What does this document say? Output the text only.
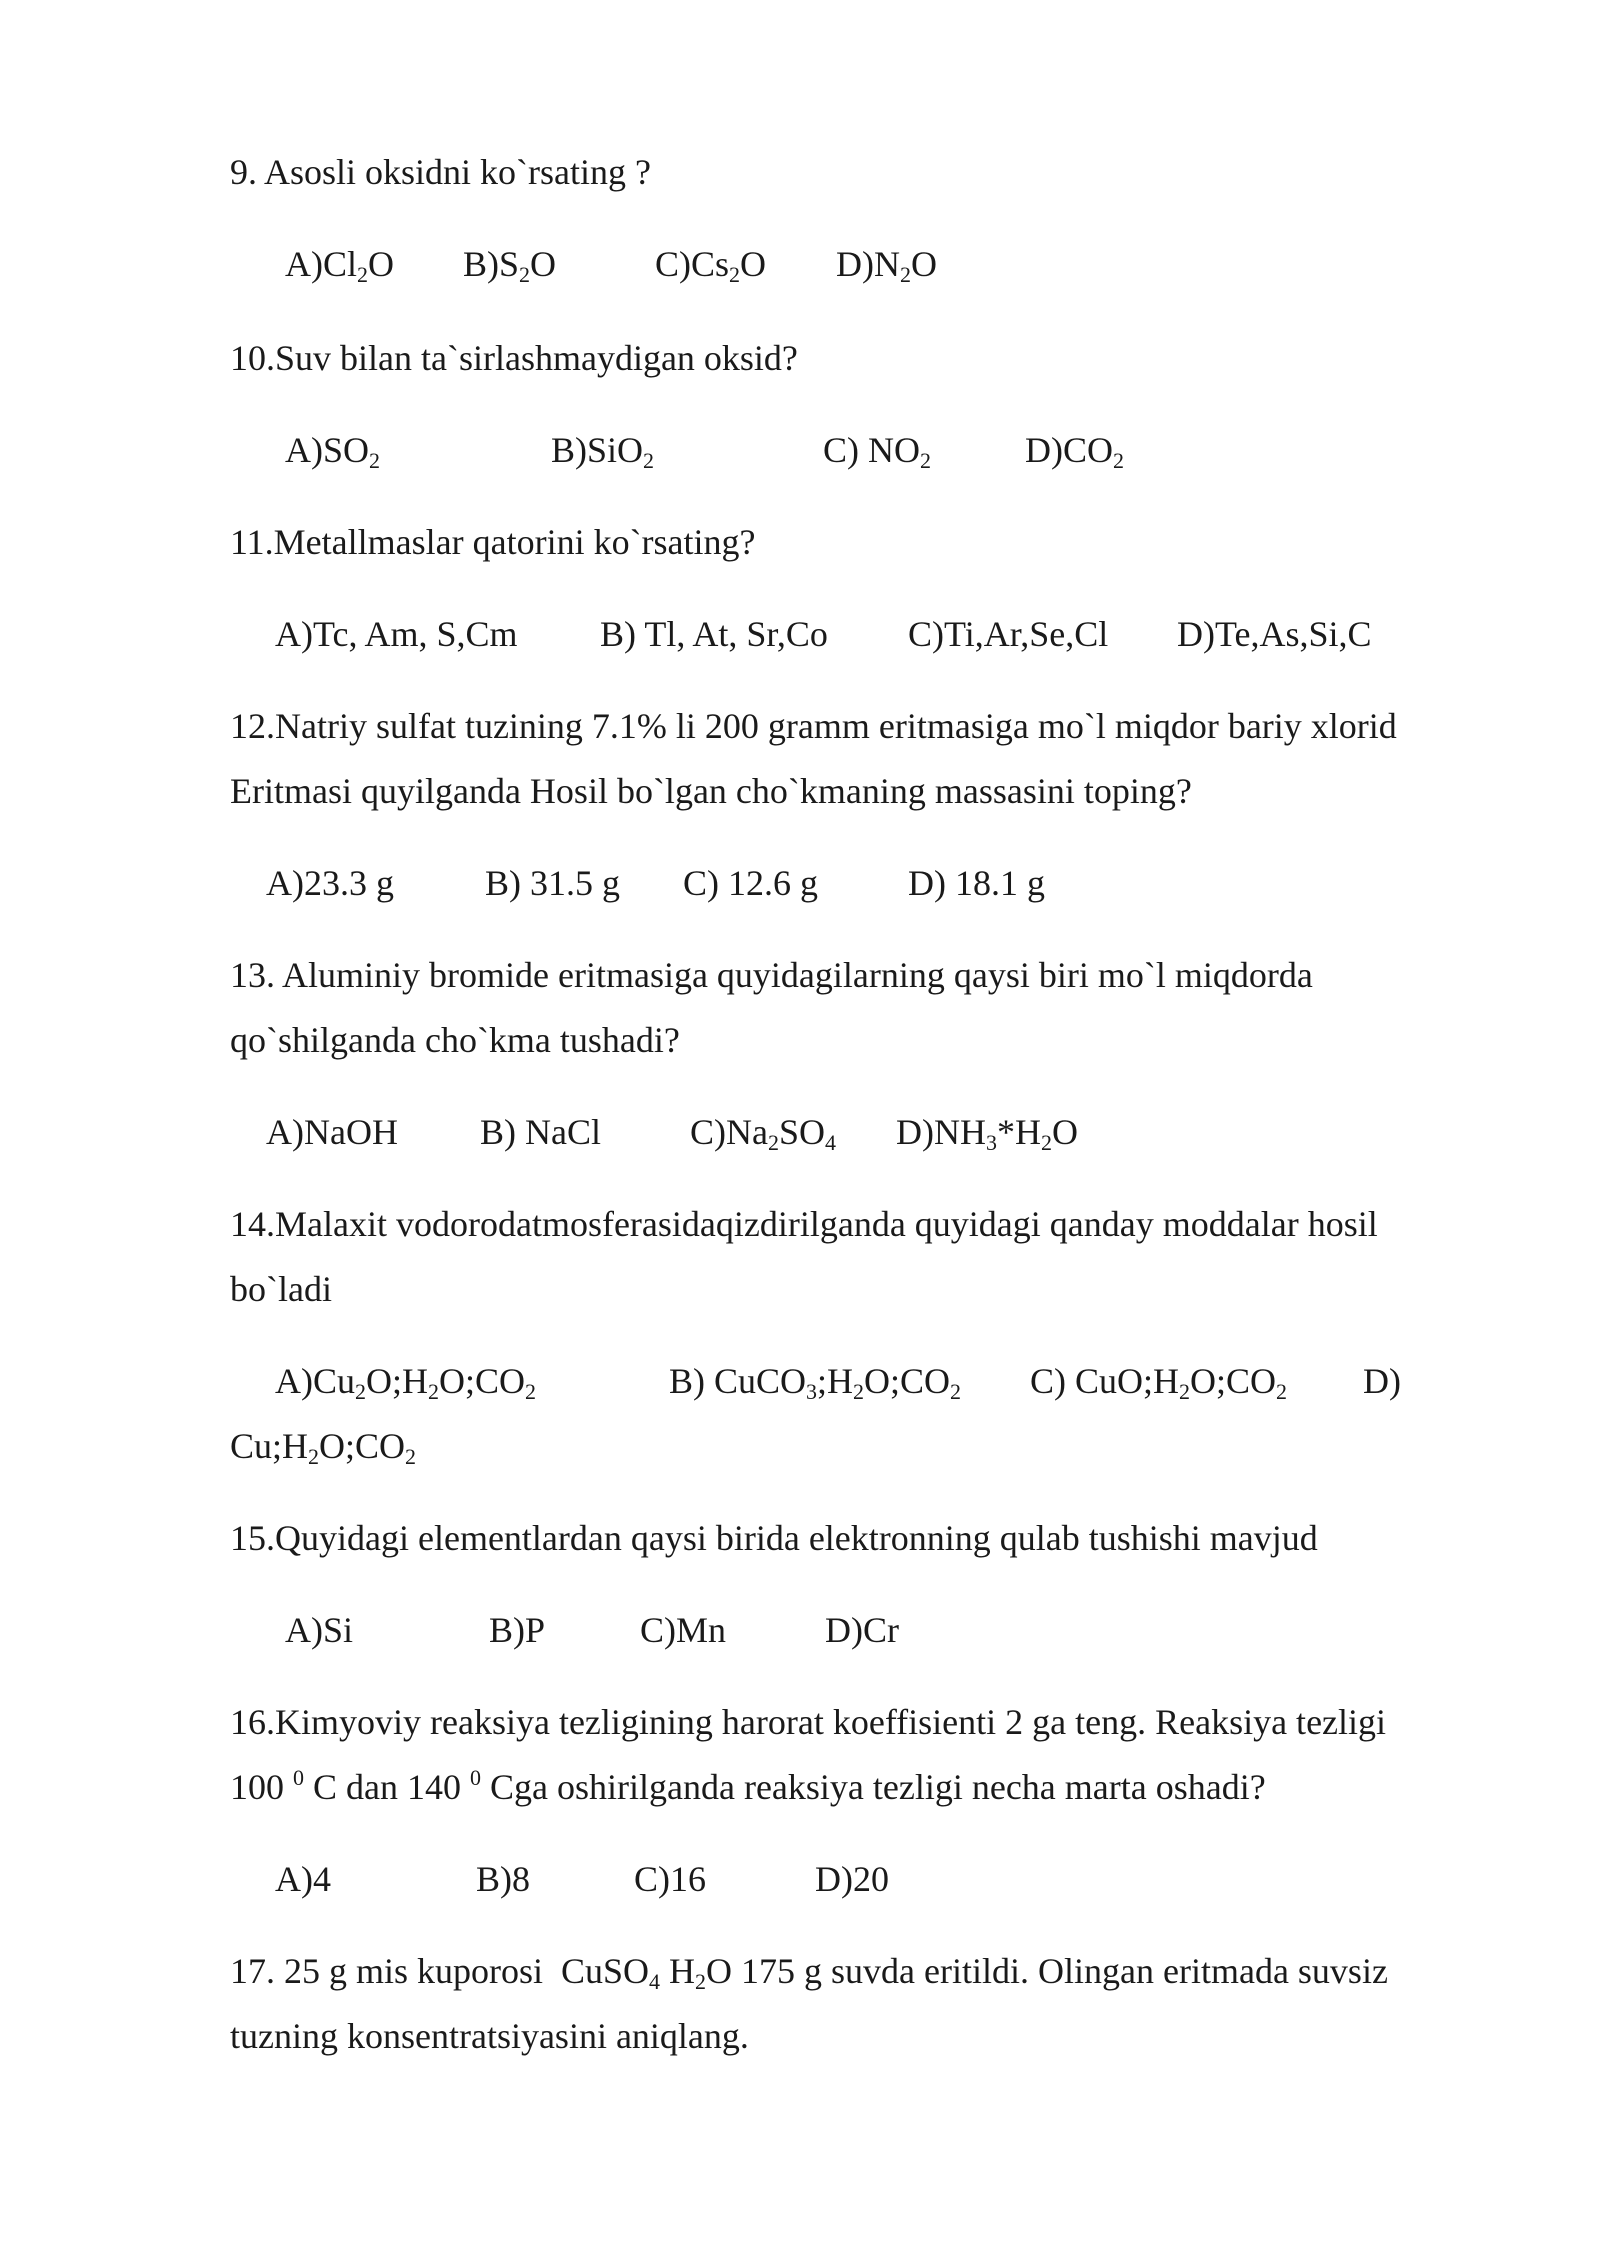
9. Asosli oksidni ko`rsating ?
$A)Cl_2O$ $B)S_2O$	$C)Cs_2O$ $D)N_2O$
10.Suv bilan ta`sirlashmaydigan oksid?
$A)SO_2$	B)SiO$_2$	C) $NO_2$	$D)CO_2$
11.Metallmaslar qatorini ko`rsating?
A)Tc, Am, S,Cm B) Tl, At, Sr,Co C)Ti,Ar,Se,Cl D)Te,As,Si,C
12.Natriy sulfat tuzining 7.1% li 200 gramm eritmasiga mo`l miqdor bariy xlorid
Eritmasi quyilganda Hosil bo`lgan cho`kmaning massasini toping?
A)23.3 g	B) 31.5 g C) 12.6 g	D) 18.1 g
13. Aluminiy bromide eritmasiga quyidagilarning qaysi biri mo`l miqdorda
qo`shilganda cho`kma tushadi?
A)NaOH B) NaCl $C)Na_2SO_4$ $D)NH_3*H_2O$
14.Malaxit vodorodatmosferasidaqizdirilganda quyidagi qanday moddalar hosil
bo`ladi
$A)Cu_2O;H_2O;CO_2$	B) $CuCO_3;H_2O;CO_2$ C) $CuO;H_2O;CO_2$ D)
$Cu;H_2O;CO_2$
15.Quyidagi elementlardan qaysi birida elektronning qulab tushishi mavjud
A)Si	B)P	C)Mn	D)Cr
16.Kimyoviy reaksiya tezligining harorat koeffisienti 2 ga teng. Reaksiya tezligi
100 $^0$ C dan 140 $^0$ Cga oshirilganda reaksiya tezligi necha marta oshadi?
A)4	B)8	C)16	D)20
17. 25 g mis kuporosi  CuSO$_4$ $H_2O$ 175 g suvda eritildi. Olingan eritmada suvsiz
tuzning konsentratsiyasini aniqlang.
